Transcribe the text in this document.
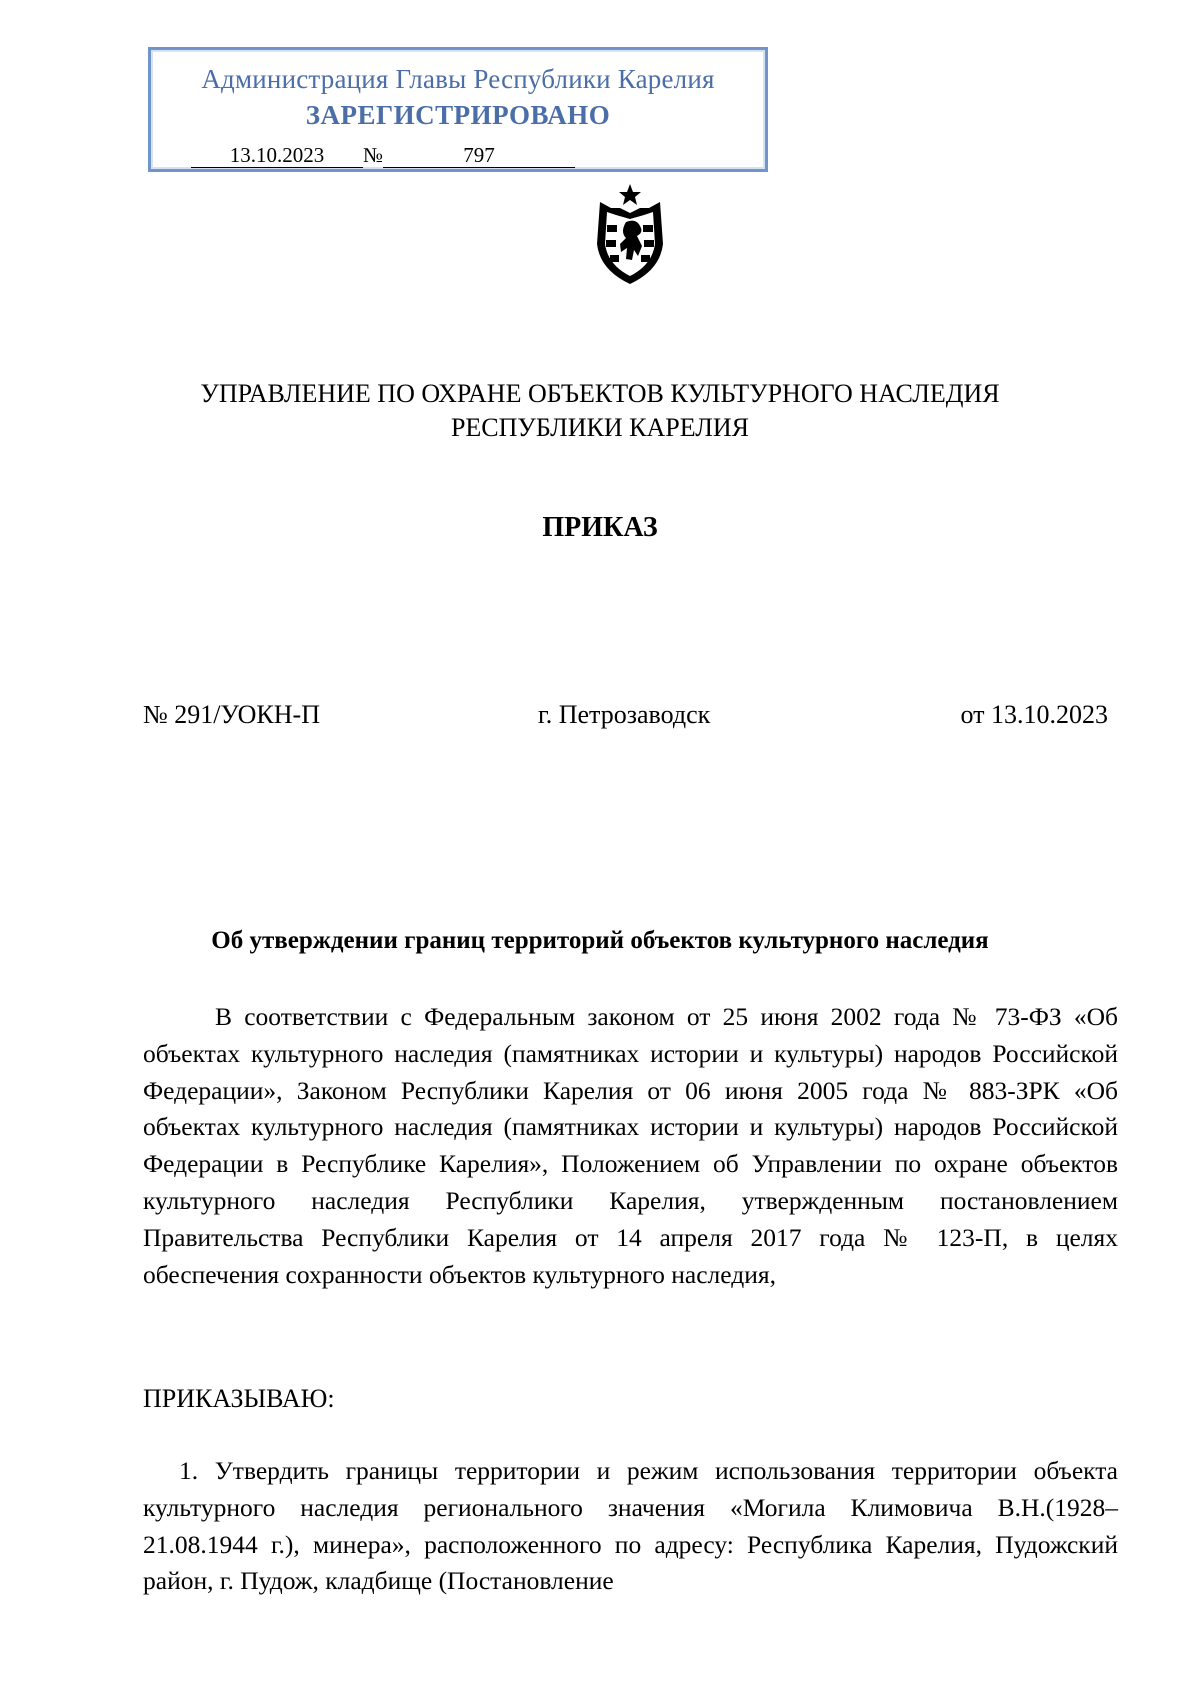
Администрация Главы Республики Карелия
ЗАРЕГИСТРИРОВАНО
13.10.2023 №	797
УПРАВЛЕНИЕ ПО ОХРАНЕ ОБЪЕКТОВ КУЛЬТУРНОГО НАСЛЕДИЯ
РЕСПУБЛИКИ КАРЕЛИЯ
ПРИКАЗ
№ 291/УОКН-П	г. Петрозаводск	от 13.10.2023
Об утверждении границ территорий объектов культурного наследия
В соответствии с Федеральным законом от 25 июня 2002 года № 73-ФЗ «Об объектах культурного наследия (памятниках истории и культуры) народов Российской Федерации», Законом Республики Карелия от 06 июня 2005 года № 883-ЗРК «Об объектах культурного наследия (памятниках истории и культуры) народов Российской Федерации в Республике Карелия», Положением об Управлении по охране объектов культурного наследия Республики Карелия, утвержденным постановлением Правительства Республики Карелия от 14 апреля 2017 года № 123-П, в целях обеспечения сохранности объектов культурного наследия,
ПРИКАЗЫВАЮ:
1. Утвердить границы территории и режим использования территории объекта культурного наследия регионального значения «Могила Климовича В.Н.(1928–21.08.1944 г.), минера», расположенного по адресу: Республика Карелия, Пудожский район, г. Пудож, кладбище (Постановление
